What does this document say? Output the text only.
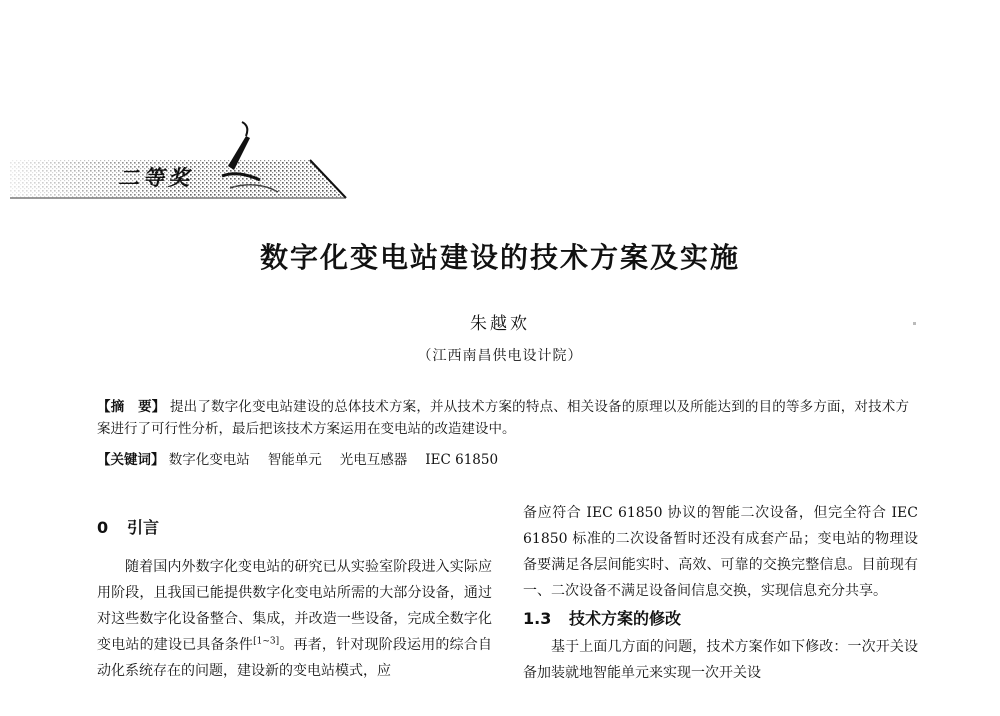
二等奖
数字化变电站建设的技术方案及实施
朱越欢
（江西南昌供电设计院）
【摘　要】 提出了数字化变电站建设的总体技术方案，并从技术方案的特点、相关设备的原理以及所能达到的目的等多方面，对技术方案进行了可行性分析，最后把该技术方案运用在变电站的改造建设中。
【关键词】 数字化变电站 智能单元 光电互感器 IEC 61850
0 引言

随着国内外数字化变电站的研究已从实验室阶段进入实际应用阶段，且我国已能提供数字化变电站所需的大部分设备，通过对这些数字化设备整合、集成，并改造一些设备，完成全数字化变电站的建设已具备条件[1~3]。再者，针对现阶段运用的综合自动化系统存在的问题，建设新的变电站模式，应

备应符合 IEC 61850 协议的智能二次设备，但完全符合 IEC 61850 标准的二次设备暂时还没有成套产品；变电站的物理设备要满足各层间能实时、高效、可靠的交换完整信息。目前现有一、二次设备不满足设备间信息交换，实现信息充分共享。

1.3 技术方案的修改

基于上面几方面的问题，技术方案作如下修改：一次开关设备加装就地智能单元来实现一次开关设
